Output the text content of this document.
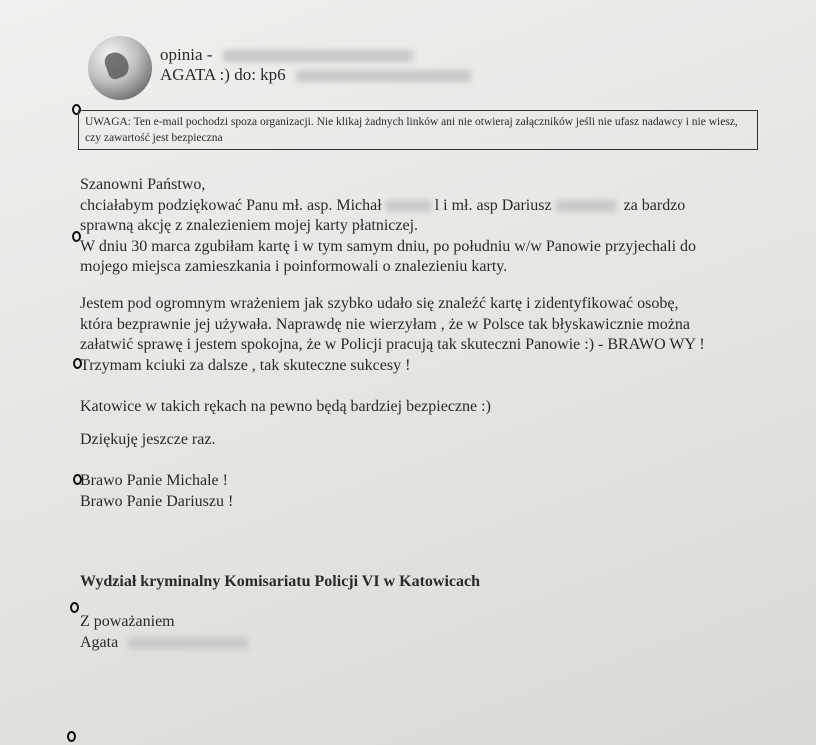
opinia -
AGATA :) do: kp6
UWAGA: Ten e-mail pochodzi spoza organizacji. Nie klikaj żadnych linków ani nie otwieraj załączników jeśli nie ufasz nadawcy i nie wiesz, czy zawartość jest bezpieczna

Szanowni Państwo,

chciałabym podziękować Panu mł. asp. Michał	l i mł. asp Dariusz	za bardzo

sprawną akcję z znalezieniem mojej karty płatniczej.

W dniu 30 marca zgubiłam kartę i w tym samym dniu, po południu w/w Panowie przyjechali do

mojego miejsca zamieszkania i poinformowali o znalezieniu karty.

Jestem pod ogromnym wrażeniem jak szybko udało się znaleźć kartę i zidentyfikować osobę,

która bezprawnie jej używała. Naprawdę nie wierzyłam , że w Polsce tak błyskawicznie można

załatwić sprawę i jestem spokojna, że w Policji pracują tak skuteczni Panowie :) - BRAWO WY !

Trzymam kciuki za dalsze , tak skuteczne sukcesy !

Katowice w takich rękach na pewno będą bardziej bezpieczne :)
Dziękuję jeszcze raz.

Brawo Panie Michale !

Brawo Panie Dariuszu !

Wydział kryminalny Komisariatu Policji VI w Katowicach

Z poważaniem

Agata
